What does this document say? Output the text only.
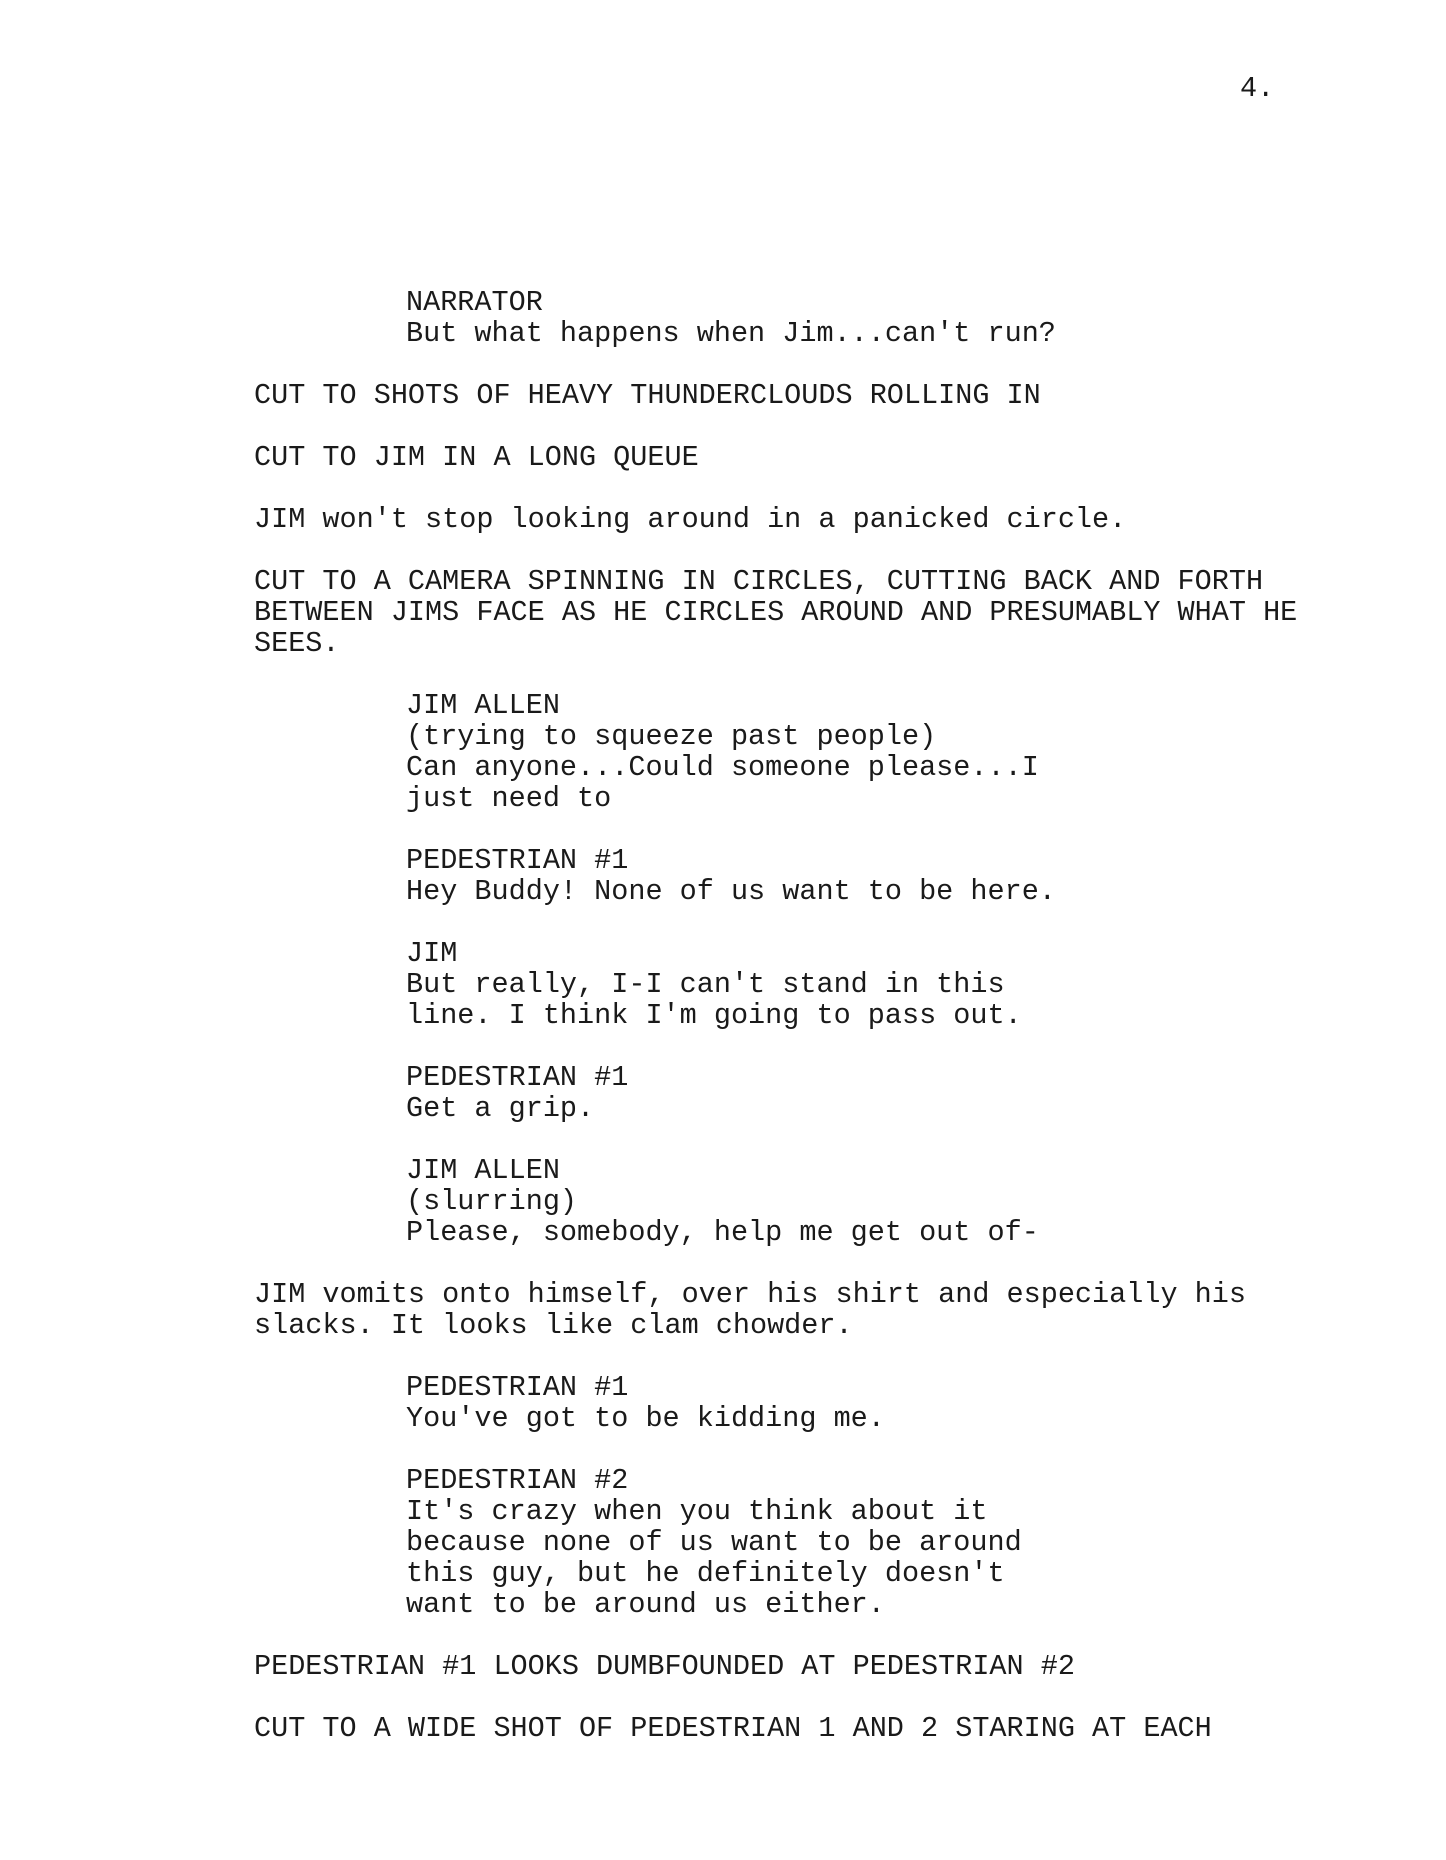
4.
NARRATOR
But what happens when Jim...can't run?
CUT TO SHOTS OF HEAVY THUNDERCLOUDS ROLLING IN
CUT TO JIM IN A LONG QUEUE
JIM won't stop looking around in a panicked circle.
CUT TO A CAMERA SPINNING IN CIRCLES, CUTTING BACK AND FORTH
BETWEEN JIMS FACE AS HE CIRCLES AROUND AND PRESUMABLY WHAT HE
SEES.
JIM ALLEN
(trying to squeeze past people)
Can anyone...Could someone please...I
just need to
PEDESTRIAN #1
Hey Buddy! None of us want to be here.
JIM
But really, I-I can't stand in this
line. I think I'm going to pass out.
PEDESTRIAN #1
Get a grip.
JIM ALLEN
(slurring)
Please, somebody, help me get out of-
JIM vomits onto himself, over his shirt and especially his
slacks. It looks like clam chowder.
PEDESTRIAN #1
You've got to be kidding me.
PEDESTRIAN #2
It's crazy when you think about it
because none of us want to be around
this guy, but he definitely doesn't
want to be around us either.
PEDESTRIAN #1 LOOKS DUMBFOUNDED AT PEDESTRIAN #2
CUT TO A WIDE SHOT OF PEDESTRIAN 1 AND 2 STARING AT EACH
